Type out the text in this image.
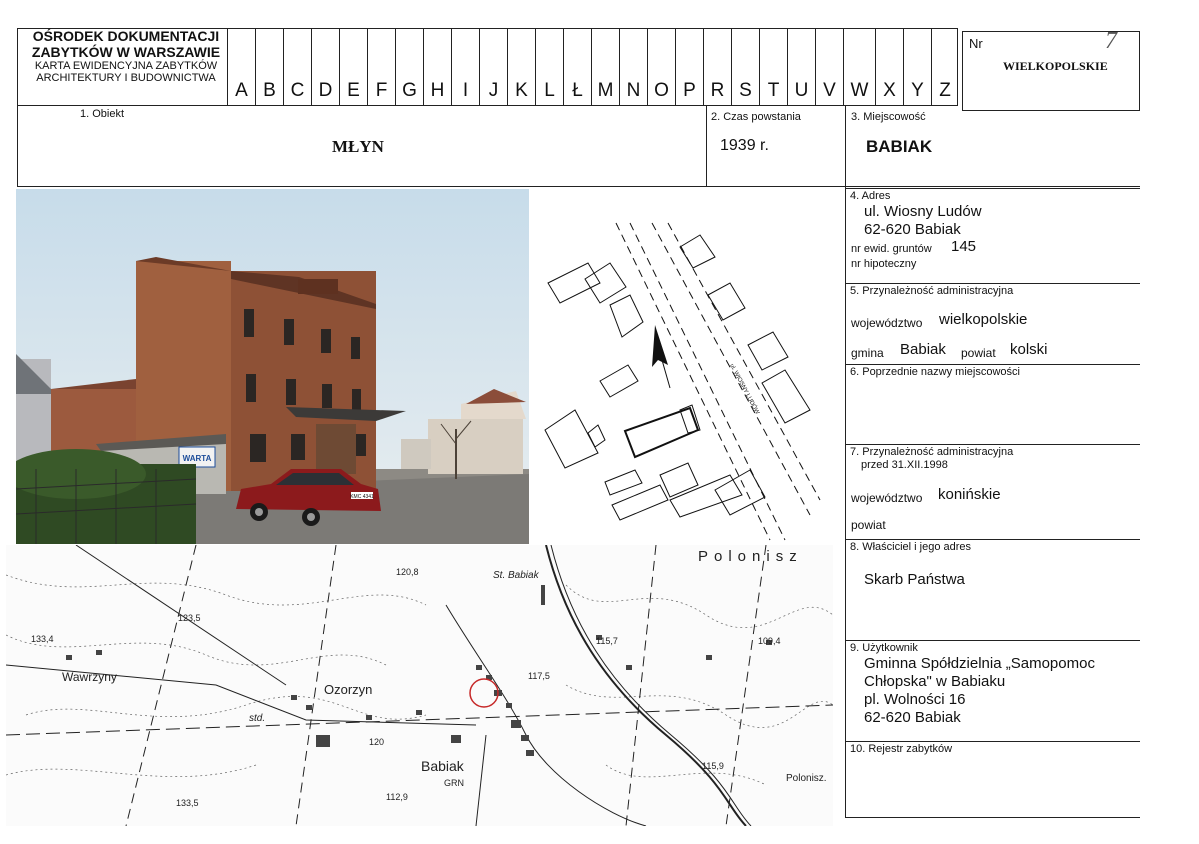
OŚRODEK DOKUMENTACJI
ZABYTKÓW W WARSZAWIE
KARTA EWIDENCYJNA ZABYTKÓW
ARCHITEKTURY I BUDOWNICTWA
A B C D E F G H I	J K L Ł M N O P R S T U V W X Y Z
Nr	7
WIELKOPOLSKIE
1. Obiekt
MŁYN
2. Czas powstania
1939 r.
3. Miejscowość
BABIAK
4. Adres
ul. Wiosny Ludów
62-620 Babiak
nr ewid. gruntów 145
nr hipoteczny
5. Przynależność administracyjna
województwo wielkopolskie
gmina Babiak powiat kolski
6. Poprzednie nazwy miejscowości
7. Przynależność administracyjna
przed 31.XII.1998
województwo konińskie
powiat
8. Właściciel i jego adres
Skarb Państwa
9. Użytkownik
Gminna Spółdzielnia „Samopomoc
Chłopska" w Babiaku
pl. Wolności 16
62-620 Babiak
10. Rejestr zabytków
WARTA
KMC 4341
ul. WIOSNY LUDÓW
Polonisz
St. Babiak
120,8
123,5
133,4
Wawrzyny
Ozorzyn
117,5
115,7	109,4
std.
120
Babiak
GRN
112,9
115,9
Polonisz.
133,5
